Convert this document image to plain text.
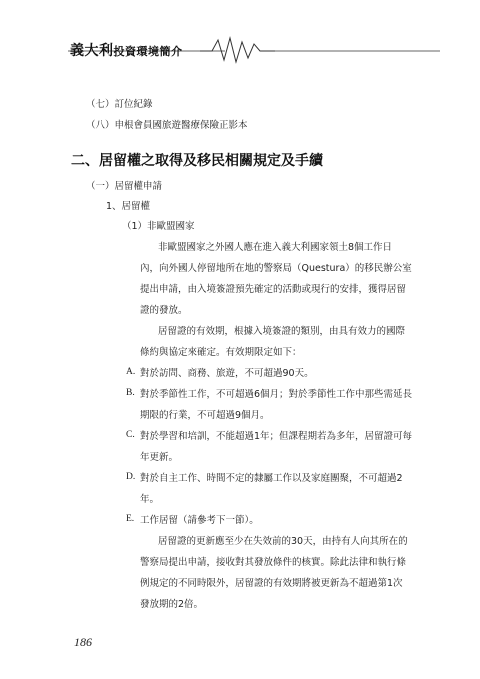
義大利投資環境簡介
（七）訂位紀錄
（八）申根會員國旅遊醫療保險正影本
二、居留權之取得及移民相關規定及手續
（一）居留權申請
1、居留權
（1）非歐盟國家
非歐盟國家之外國人應在進入義大利國家領土8個工作日
內，向外國人停留地所在地的警察局（Questura）的移民辦公室
提出申請，由入境簽證預先確定的活動或現行的安排，獲得居留
證的發放。
居留證的有效期，根據入境簽證的類別，由具有效力的國際
條約與協定來確定。有效期限定如下：
A. 對於訪問、商務、旅遊，不可超過90天。
B. 對於季節性工作，不可超過6個月；對於季節性工作中那些需延長
期限的行業，不可超過9個月。
C. 對於學習和培訓，不能超過1年；但課程期若為多年，居留證可每
年更新。
D. 對於自主工作、時間不定的隸屬工作以及家庭團聚，不可超過2
年。
E. 工作居留（請參考下一節）。
居留證的更新應至少在失效前的30天，由持有人向其所在的
警察局提出申請，接收對其發放條件的核實。除此法律和執行條
例規定的不同時限外，居留證的有效期將被更新為不超過第1次
發放期的2倍。
186
